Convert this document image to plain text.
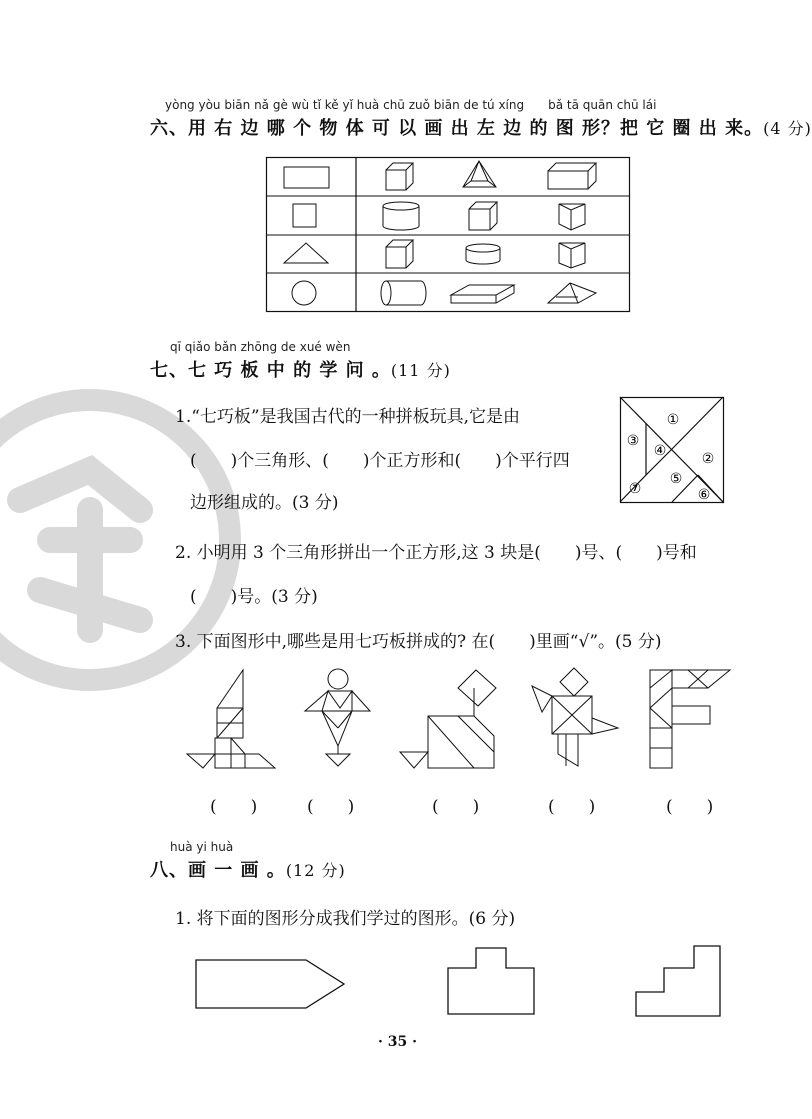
yòng yòu biān nǎ gè wù tǐ kě yǐ huà chū zuǒ biān de tú xíng　　bǎ tā quān chū lái
六、用 右 边 哪 个 物 体 可 以 画 出 左 边 的 图 形？把 它 圈 出 来。(4 分)
qī qiǎo bǎn zhōng de xué wèn
七、七 巧 板 中 的 学 问 。(11 分)
1.“七巧板”是我国古代的一种拼板玩具,它是由
(　　)个三角形、(　　)个正方形和(　　)个平行四
边形组成的。(3 分)
①
②
③
④
⑤
⑥
⑦
2. 小明用 3 个三角形拼出一个正方形,这 3 块是(　　)号、(　　)号和
(　　)号。(3 分)
3. 下面图形中,哪些是用七巧板拼成的? 在(　　)里画“√”。(5 分)
(　　)	(　　)	(　　)	(　　)	(　　)
huà yi huà
八、画 一 画 。(12 分)
1. 将下面的图形分成我们学过的图形。(6 分)
· 35 ·
